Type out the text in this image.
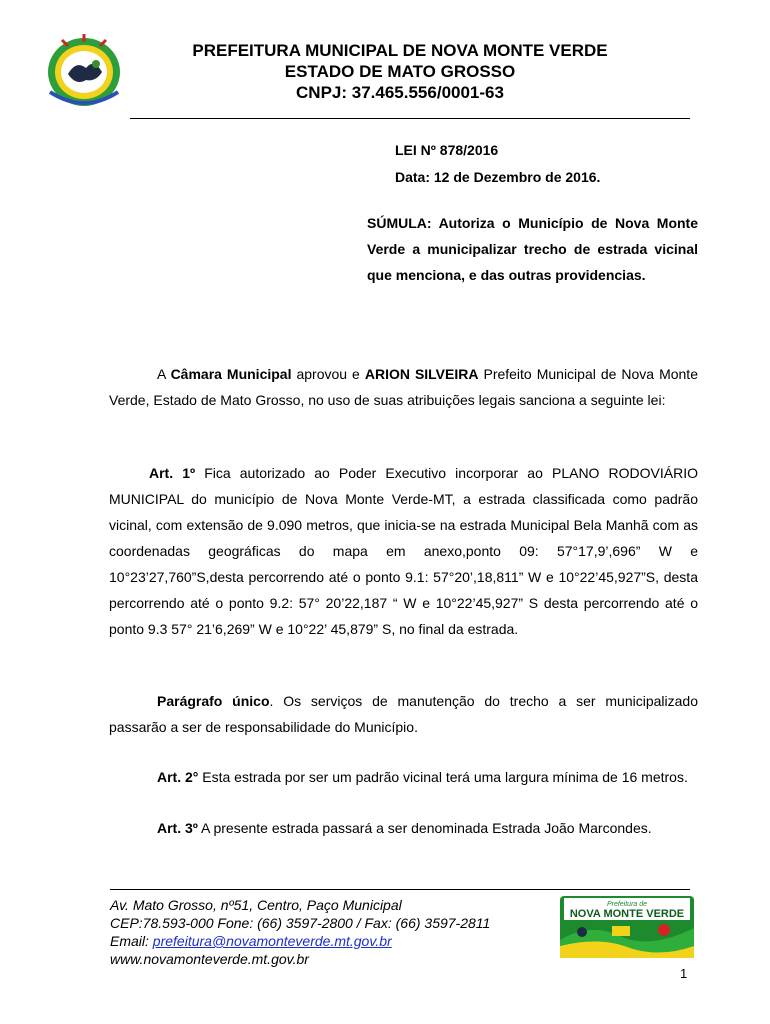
PREFEITURA MUNICIPAL DE NOVA MONTE VERDE
ESTADO DE MATO GROSSO
CNPJ: 37.465.556/0001-63
LEI Nº 878/2016
Data: 12 de Dezembro de 2016.
SÚMULA: Autoriza o Município de Nova Monte Verde a municipalizar trecho de estrada vicinal que menciona, e das outras providencias.
A Câmara Municipal aprovou e ARION SILVEIRA Prefeito Municipal de Nova Monte Verde, Estado de Mato Grosso, no uso de suas atribuições legais sanciona a seguinte lei:
Art. 1º Fica autorizado ao Poder Executivo incorporar ao PLANO RODOVIÁRIO MUNICIPAL do município de Nova Monte Verde-MT, a estrada classificada como padrão vicinal, com extensão de 9.090 metros, que inicia-se na estrada Municipal Bela Manhã com as coordenadas geográficas do mapa em anexo,ponto 09: 57°17,9’,696” W e 10°23’27,760”S,desta percorrendo até o ponto 9.1: 57°20’,18,811” W e 10°22’45,927”S, desta percorrendo até o ponto 9.2: 57° 20’22,187 “ W e 10°22’45,927” S desta percorrendo até o ponto 9.3 57° 21’6,269” W e 10°22’ 45,879” S, no final da estrada.
Parágrafo único. Os serviços de manutenção do trecho a ser municipalizado passarão a ser de responsabilidade do Município.
Art. 2° Esta estrada por ser um padrão vicinal terá uma largura mínima de 16 metros.
Art. 3º A presente estrada passará a ser denominada Estrada João Marcondes.
Av. Mato Grosso, nº51, Centro, Paço Municipal
CEP:78.593-000 Fone: (66) 3597-2800 / Fax: (66) 3597-2811
Email: prefeitura@novamonteverde.mt.gov.br
www.novamonteverde.mt.gov.br
Prefeitura de
NOVA MONTE VERDE
1
